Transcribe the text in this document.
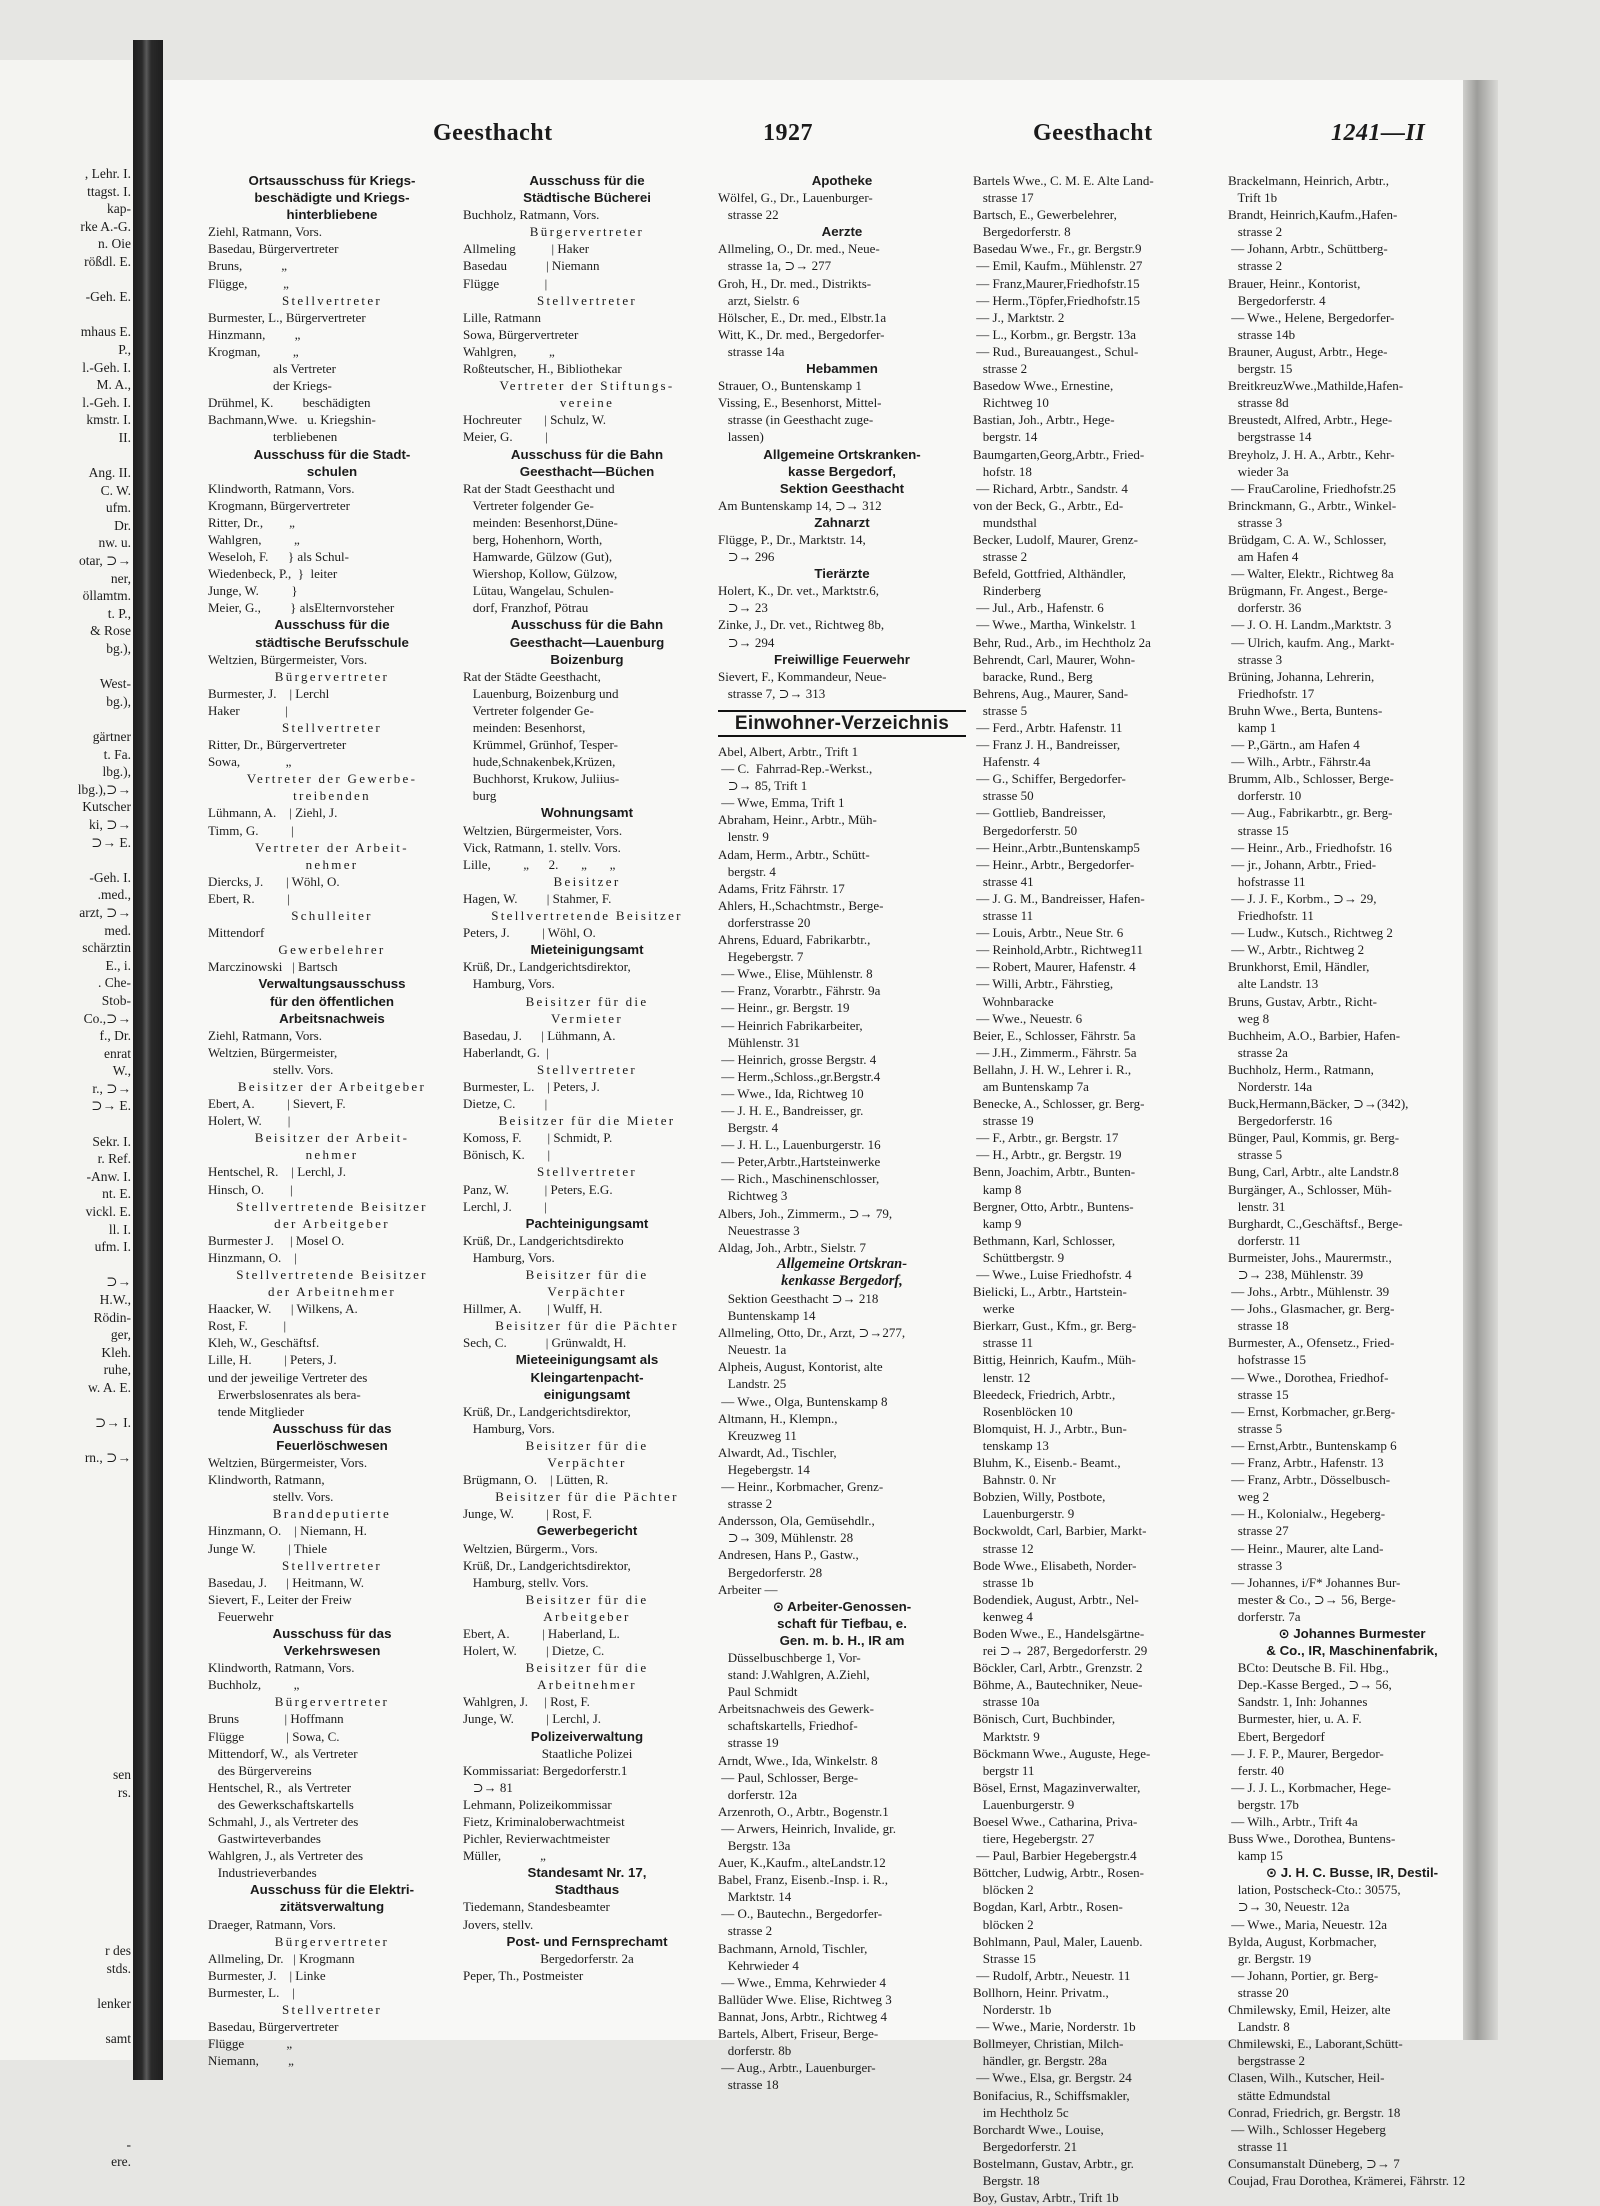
, Lehr. I.
ttagst. I.
kap-
rke A.-G.
n. Oie
rößdl. E.

-Geh. E.

mhaus E.
P.,
l.-Geh. I.
M. A.,
l.-Geh. I.
kmstr. I.
II.

Ang. II.
C. W.
ufm.
Dr.
nw. u.
otar, ⊃→
ner,
öllamtm.
t. P.,
& Rose
bg.),

West-
bg.),

gärtner
t. Fa.
lbg.),
lbg.),⊃→
Kutscher
ki, ⊃→
⊃→ E.

-Geh. I.
.med.,
arzt, ⊃→
med.
schärztin
E., i.
. Che-
Stob-
Co.,⊃→
f., Dr.
enrat
W.,
r., ⊃→
⊃→ E.

Sekr. I.
r. Ref.
-Anw. I.
nt. E.
vickl. E.
ll. I.
ufm. I.

⊃→
H.W.,
Rödin-
ger,
Kleh.
ruhe,
w. A. E.

⊃→ I.

rn., ⊃→

sen
rs.

r des
stds.

lenker

samt

-
ere.
Geesthacht	1927	Geesthacht	1241—II
Ortsausschuss für Kriegs-
beschädigte und Kriegs-
hinterbliebene
Ziehl, Ratmann, Vors.
Basedau, Bürgervertreter
Bruns,            „
Flügge,           „
Stellvertreter
Burmester, L., Bürgervertreter
Hinzmann,         „
Krogman,          „
als Vertreter
der Kriegs-
Drühmel, K.         beschädigten
Bachmann,Wwe.   u. Kriegshin-
terbliebenen
Ausschuss für die Stadt-
schulen
Klindworth, Ratmann, Vors.
Krogmann, Bürgervertreter
Ritter, Dr.,        „
Wahlgren,          „
Weseloh, F.      } als Schul-
Wiedenbeck, P.,  }  leiter
Junge, W.          }
Meier, G.,         } alsElternvorsteher
Ausschuss für die
städtische Berufsschule
Weltzien, Bürgermeister, Vors.
Bürgervertreter
Burmester, J.    | Lerchl
Haker              |
Stellvertreter
Ritter, Dr., Bürgervertreter
Sowa,              „
Vertreter der Gewerbe-
treibenden
Lühmann, A.    | Ziehl, J.
Timm, G.          |
Vertreter der Arbeit-
nehmer
Diercks, J.       | Wöhl, O.
Ebert, R.          |
Schulleiter
Mittendorf
Gewerbelehrer
Marczinowski   | Bartsch
Verwaltungsausschuss
für den öffentlichen
Arbeitsnachweis
Ziehl, Ratmann, Vors.
Weltzien, Bürgermeister,
stellv. Vors.
Beisitzer der Arbeitgeber
Ebert, A.          | Sievert, F.
Holert, W.        |
Beisitzer der Arbeit-
nehmer
Hentschel, R.    | Lerchl, J.
Hinsch, O.        |
Stellvertretende Beisitzer
der Arbeitgeber
Burmester J.     | Mosel O.
Hinzmann, O.    |
Stellvertretende Beisitzer
der Arbeitnehmer
Haacker, W.      | Wilkens, A.
Rost, F.           |
Kleh, W., Geschäftsf.
Lille, H.          | Peters, J.
und der jeweilige Vertreter des
Erwerbslosenrates als bera-
tende Mitglieder
Ausschuss für das
Feuerlöschwesen
Weltzien, Bürgermeister, Vors.
Klindworth, Ratmann,
stellv. Vors.
Branddeputierte
Hinzmann, O.    | Niemann, H.
Junge W.          | Thiele
Stellvertreter
Basedau, J.      | Heitmann, W.
Sievert, F., Leiter der Freiw
Feuerwehr
Ausschuss für das
Verkehrswesen
Klindworth, Ratmann, Vors.
Buchholz,          „
Bürgervertreter
Bruns              | Hoffmann
Flügge             | Sowa, C.
Mittendorf, W.,  als Vertreter
des Bürgervereins
Hentschel, R.,  als Vertreter
des Gewerkschaftskartells
Schmahl, J., als Vertreter des
Gastwirteverbandes
Wahlgren, J., als Vertreter des
Industrieverbandes
Ausschuss für die Elektri-
zitätsverwaltung
Draeger, Ratmann, Vors.
Bürgervertreter
Allmeling, Dr.   | Krogmann
Burmester, J.    | Linke
Burmester, L.    |
Stellvertreter
Basedau, Bürgervertreter
Flügge             „
Niemann,         „
Ausschuss für die
Städtische Bücherei
Buchholz, Ratmann, Vors.
Bürgervertreter
Allmeling           | Haker
Basedau            | Niemann
Flügge              |
Stellvertreter
Lille, Ratmann
Sowa, Bürgervertreter
Wahlgren,          „
Roßteutscher, H., Bibliothekar
Vertreter der Stiftungs-
vereine
Hochreuter       | Schulz, W.
Meier, G.          |
Ausschuss für die Bahn
Geesthacht—Büchen
Rat der Stadt Geesthacht und
Vertreter folgender Ge-
meinden: Besenhorst,Düne-
berg, Hohenhorn, Worth,
Hamwarde, Gülzow (Gut),
Wiershop, Kollow, Gülzow,
Lütau, Wangelau, Schulen-
dorf, Franzhof, Pötrau
Ausschuss für die Bahn
Geesthacht—Lauenburg
Boizenburg
Rat der Städte Geesthacht,
Lauenburg, Boizenburg und
Vertreter folgender Ge-
meinden: Besenhorst,
Krümmel, Grünhof, Tesper-
hude,Schnakenbek,Krüzen,
Buchhorst, Krukow, Juliius-
burg
Wohnungsamt
Weltzien, Bürgermeister, Vors.
Vick, Ratmann, 1. stellv. Vors.
Lille,          „      2.       „       „
Beisitzer
Hagen, W.         | Stahmer, F.
Stellvertretende Beisitzer
Peters, J.          | Wöhl, O.
Mieteinigungsamt
Krüß, Dr., Landgerichtsdirektor,
Hamburg, Vors.
Beisitzer für die
Vermieter
Basedau, J.      | Lühmann, A.
Haberlandt, G.  |
Stellvertreter
Burmester, L.    | Peters, J.
Dietze, C.         |
Beisitzer für die Mieter
Komoss, F.        | Schmidt, P.
Bönisch, K.       |
Stellvertreter
Panz, W.           | Peters, E.G.
Lerchl, J.          |
Pachteinigungsamt
Krüß, Dr., Landgerichtsdirekto
Hamburg, Vors.
Beisitzer für die
Verpächter
Hillmer, A.        | Wulff, H.
Beisitzer für die Pächter
Sech, C.            | Grünwaldt, H.
Mieteeinigungsamt als
Kleingartenpacht-
einigungsamt
Krüß, Dr., Landgerichtsdirektor,
Hamburg, Vors.
Beisitzer für die
Verpächter
Brügmann, O.    | Lütten, R.
Beisitzer für die Pächter
Junge, W.          | Rost, F.
Gewerbegericht
Weltzien, Bürgerm., Vors.
Krüß, Dr., Landgerichtsdirektor,
Hamburg, stellv. Vors.
Beisitzer für die
Arbeitgeber
Ebert, A.          | Haberland, L.
Holert, W.         | Dietze, C.
Beisitzer für die
Arbeitnehmer
Wahlgren, J.     | Rost, F.
Junge, W.          | Lerchl, J.
Polizeiverwaltung
Staatliche Polizei
Kommissariat: Bergedorferstr.1
⊃→ 81
Lehmann, Polizeikommissar
Fietz, Kriminaloberwachtmeist
Pichler, Revierwachtmeister
Müller,            „
Standesamt Nr. 17,
Stadthaus
Tiedemann, Standesbeamter
Jovers, stellv.
Post- und Fernsprechamt
Bergedorferstr. 2a
Peper, Th., Postmeister
Apotheke
Wölfel, G., Dr., Lauenburger-
strasse 22
Aerzte
Allmeling, O., Dr. med., Neue-
strasse 1a, ⊃→ 277
Groh, H., Dr. med., Distrikts-
arzt, Sielstr. 6
Hölscher, E., Dr. med., Elbstr.1a
Witt, K., Dr. med., Bergedorfer-
strasse 14a
Hebammen
Strauer, O., Buntenskamp 1
Vissing, E., Besenhorst, Mittel-
strasse (in Geesthacht zuge-
lassen)
Allgemeine Ortskranken-
kasse Bergedorf,
Sektion Geesthacht
Am Buntenskamp 14, ⊃→ 312
Zahnarzt
Flügge, P., Dr., Marktstr. 14,
⊃→ 296
Tierärzte
Holert, K., Dr. vet., Marktstr.6,
⊃→ 23
Zinke, J., Dr. vet., Richtweg 8b,
⊃→ 294
Freiwillige Feuerwehr
Sievert, F., Kommandeur, Neue-
strasse 7, ⊃→ 313
Einwohner-Verzeichnis
Abel, Albert, Arbtr., Trift 1
— C.  Fahrrad-Rep.-Werkst.,
⊃→ 85, Trift 1
— Wwe, Emma, Trift 1
Abraham, Heinr., Arbtr., Müh-
lenstr. 9
Adam, Herm., Arbtr., Schütt-
bergstr. 4
Adams, Fritz Fährstr. 17
Ahlers, H.,Schachtmstr., Berge-
dorferstrasse 20
Ahrens, Eduard, Fabrikarbtr.,
Hegebergstr. 7
— Wwe., Elise, Mühlenstr. 8
— Franz, Vorarbtr., Fährstr. 9a
— Heinr., gr. Bergstr. 19
— Heinrich Fabrikarbeiter,
Mühlenstr. 31
— Heinrich, grosse Bergstr. 4
— Herm.,Schloss.,gr.Bergstr.4
— Wwe., Ida, Richtweg 10
— J. H. E., Bandreisser, gr.
Bergstr. 4
— J. H. L., Lauenburgerstr. 16
— Peter,Arbtr.,Hartsteinwerke
— Rich., Maschinenschlosser,
Richtweg 3
Albers, Joh., Zimmerm., ⊃→ 79,
Neuestrasse 3
Aldag, Joh., Arbtr., Sielstr. 7
Allgemeine Ortskran-
kenkasse Bergedorf,
Sektion Geesthacht ⊃→ 218
Buntenskamp 14
Allmeling, Otto, Dr., Arzt, ⊃→277,
Neuestr. 1a
Alpheis, August, Kontorist, alte
Landstr. 25
— Wwe., Olga, Buntenskamp 8
Altmann, H., Klempn.,
Kreuzweg 11
Alwardt, Ad., Tischler,
Hegebergstr. 14
— Heinr., Korbmacher, Grenz-
strasse 2
Andersson, Ola, Gemüsehdlr.,
⊃→ 309, Mühlenstr. 28
Andresen, Hans P., Gastw.,
Bergedorferstr. 28
Arbeiter —
⊙ Arbeiter-Genossen-
schaft für Tiefbau, e.
Gen. m. b. H., IR am
Düsselbuschberge 1, Vor-
stand: J.Wahlgren, A.Ziehl,
Paul Schmidt
Arbeitsnachweis des Gewerk-
schaftskartells, Friedhof-
strasse 19
Arndt, Wwe., Ida, Winkelstr. 8
— Paul, Schlosser, Berge-
dorferstr. 12a
Arzenroth, O., Arbtr., Bogenstr.1
— Arwers, Heinrich, Invalide, gr.
Bergstr. 13a
Auer, K.,Kaufm., alteLandstr.12
Babel, Franz, Eisenb.-Insp. i. R.,
Marktstr. 14
— O., Bautechn., Bergedorfer-
strasse 2
Bachmann, Arnold, Tischler,
Kehrwieder 4
— Wwe., Emma, Kehrwieder 4
Ballüder Wwe. Elise, Richtweg 3
Bannat, Jons, Arbtr., Richtweg 4
Bartels, Albert, Friseur, Berge-
dorferstr. 8b
— Aug., Arbtr., Lauenburger-
strasse 18
Bartels Wwe., C. M. E. Alte Land-
strasse 17
Bartsch, E., Gewerbelehrer,
Bergedorferstr. 8
Basedau Wwe., Fr., gr. Bergstr.9
— Emil, Kaufm., Mühlenstr. 27
— Franz,Maurer,Friedhofstr.15
— Herm.,Töpfer,Friedhofstr.15
— J., Marktstr. 2
— L., Korbm., gr. Bergstr. 13a
— Rud., Bureauangest., Schul-
strasse 2
Basedow Wwe., Ernestine,
Richtweg 10
Bastian, Joh., Arbtr., Hege-
bergstr. 14
Baumgarten,Georg,Arbtr., Fried-
hofstr. 18
— Richard, Arbtr., Sandstr. 4
von der Beck, G., Arbtr., Ed-
mundsthal
Becker, Ludolf, Maurer, Grenz-
strasse 2
Befeld, Gottfried, Althändler,
Rinderberg
— Jul., Arb., Hafenstr. 6
— Wwe., Martha, Winkelstr. 1
Behr, Rud., Arb., im Hechtholz 2a
Behrendt, Carl, Maurer, Wohn-
baracke, Rund., Berg
Behrens, Aug., Maurer, Sand-
strasse 5
— Ferd., Arbtr. Hafenstr. 11
— Franz J. H., Bandreisser,
Hafenstr. 4
— G., Schiffer, Bergedorfer-
strasse 50
— Gottlieb, Bandreisser,
Bergedorferstr. 50
— Heinr.,Arbtr.,Buntenskamp5
— Heinr., Arbtr., Bergedorfer-
strasse 41
— J. G. M., Bandreisser, Hafen-
strasse 11
— Louis, Arbtr., Neue Str. 6
— Reinhold,Arbtr., Richtweg11
— Robert, Maurer, Hafenstr. 4
— Willi, Arbtr., Fährstieg,
Wohnbaracke
— Wwe., Neuestr. 6
Beier, E., Schlosser, Fährstr. 5a
— J.H., Zimmerm., Fährstr. 5a
Bellahn, J. H. W., Lehrer i. R.,
am Buntenskamp 7a
Benecke, A., Schlosser, gr. Berg-
strasse 19
— F., Arbtr., gr. Bergstr. 17
— H., Arbtr., gr. Bergstr. 19
Benn, Joachim, Arbtr., Bunten-
kamp 8
Bergner, Otto, Arbtr., Buntens-
kamp 9
Bethmann, Karl, Schlosser,
Schüttbergstr. 9
— Wwe., Luise Friedhofstr. 4
Bielicki, L., Arbtr., Hartstein-
werke
Bierkarr, Gust., Kfm., gr. Berg-
strasse 11
Bittig, Heinrich, Kaufm., Müh-
lenstr. 12
Bleedeck, Friedrich, Arbtr.,
Rosenblöcken 10
Blomquist, H. J., Arbtr., Bun-
tenskamp 13
Bluhm, K., Eisenb.- Beamt.,
Bahnstr. 0. Nr
Bobzien, Willy, Postbote,
Lauenburgerstr. 9
Bockwoldt, Carl, Barbier, Markt-
strasse 12
Bode Wwe., Elisabeth, Norder-
strasse 1b
Bodendiek, August, Arbtr., Nel-
kenweg 4
Boden Wwe., E., Handelsgärtne-
rei ⊃→ 287, Bergedorferstr. 29
Böckler, Carl, Arbtr., Grenzstr. 2
Böhme, A., Bautechniker, Neue-
strasse 10a
Bönisch, Curt, Buchbinder,
Marktstr. 9
Böckmann Wwe., Auguste, Hege-
bergstr 11
Bösel, Ernst, Magazinverwalter,
Lauenburgerstr. 9
Boesel Wwe., Catharina, Priva-
tiere, Hegebergstr. 27
— Paul, Barbier Hegebergstr.4
Böttcher, Ludwig, Arbtr., Rosen-
blöcken 2
Bogdan, Karl, Arbtr., Rosen-
blöcken 2
Bohlmann, Paul, Maler, Lauenb.
Strasse 15
— Rudolf, Arbtr., Neuestr. 11
Bollhorn, Heinr. Privatm.,
Norderstr. 1b
— Wwe., Marie, Norderstr. 1b
Bollmeyer, Christian, Milch-
händler, gr. Bergstr. 28a
— Wwe., Elsa, gr. Bergstr. 24
Bonifacius, R., Schiffsmakler,
im Hechtholz 5c
Borchardt Wwe., Louise,
Bergedorferstr. 21
Bostelmann, Gustav, Arbtr., gr.
Bergstr. 18
Boy, Gustav, Arbtr., Trift 1b
Brackelmann, Heinrich, Arbtr.,
Trift 1b
Brandt, Heinrich,Kaufm.,Hafen-
strasse 2
— Johann, Arbtr., Schüttberg-
strasse 2
Brauer, Heinr., Kontorist,
Bergedorferstr. 4
— Wwe., Helene, Bergedorfer-
strasse 14b
Brauner, August, Arbtr., Hege-
bergstr. 15
BreitkreuzWwe.,Mathilde,Hafen-
strasse 8d
Breustedt, Alfred, Arbtr., Hege-
bergstrasse 14
Breyholz, J. H. A., Arbtr., Kehr-
wieder 3a
— FrauCaroline, Friedhofstr.25
Brinckmann, G., Arbtr., Winkel-
strasse 3
Brüdgam, C. A. W., Schlosser,
am Hafen 4
— Walter, Elektr., Richtweg 8a
Brügmann, Fr. Angest., Berge-
dorferstr. 36
— J. O. H. Landm.,Marktstr. 3
— Ulrich, kaufm. Ang., Markt-
strasse 3
Brüning, Johanna, Lehrerin,
Friedhofstr. 17
Bruhn Wwe., Berta, Buntens-
kamp 1
— P.,Gärtn., am Hafen 4
— Wilh., Arbtr., Fährstr.4a
Brumm, Alb., Schlosser, Berge-
dorferstr. 10
— Aug., Fabrikarbtr., gr. Berg-
strasse 15
— Heinr., Arb., Friedhofstr. 16
— jr., Johann, Arbtr., Fried-
hofstrasse 11
— J. J. F., Korbm., ⊃→ 29,
Friedhofstr. 11
— Ludw., Kutsch., Richtweg 2
— W., Arbtr., Richtweg 2
Brunkhorst, Emil, Händler,
alte Landstr. 13
Bruns, Gustav, Arbtr., Richt-
weg 8
Buchheim, A.O., Barbier, Hafen-
strasse 2a
Buchholz, Herm., Ratmann,
Norderstr. 14a
Buck,Hermann,Bäcker, ⊃→(342),
Bergedorferstr. 16
Bünger, Paul, Kommis, gr. Berg-
strasse 5
Bung, Carl, Arbtr., alte Landstr.8
Burgänger, A., Schlosser, Müh-
lenstr. 31
Burghardt, C.,Geschäftsf., Berge-
dorferstr. 11
Burmeister, Johs., Maurermstr.,
⊃→ 238, Mühlenstr. 39
— Johs., Arbtr., Mühlenstr. 39
— Johs., Glasmacher, gr. Berg-
strasse 18
Burmester, A., Ofensetz., Fried-
hofstrasse 15
— Wwe., Dorothea, Friedhof-
strasse 15
— Ernst, Korbmacher, gr.Berg-
strasse 5
— Ernst,Arbtr., Buntenskamp 6
— Franz, Arbtr., Hafenstr. 13
— Franz, Arbtr., Dösselbusch-
weg 2
— H., Kolonialw., Hegeberg-
strasse 27
— Heinr., Maurer, alte Land-
strasse 3
— Johannes, i/F* Johannes Bur-
mester & Co., ⊃→ 56, Berge-
dorferstr. 7a
⊙ Johannes Burmester
& Co., IR, Maschinenfabrik,
BCto: Deutsche B. Fil. Hbg.,
Dep.-Kasse Berged., ⊃→ 56,
Sandstr. 1, Inh: Johannes
Burmester, hier, u. A. F.
Ebert, Bergedorf
— J. F. P., Maurer, Bergedor-
ferstr. 40
— J. J. L., Korbmacher, Hege-
bergstr. 17b
— Wilh., Arbtr., Trift 4a
Buss Wwe., Dorothea, Buntens-
kamp 15
⊙ J. H. C. Busse, IR, Destil-
lation, Postscheck-Cto.: 30575,
⊃→ 30, Neuestr. 12a
— Wwe., Maria, Neuestr. 12a
Bylda, August, Korbmacher,
gr. Bergstr. 19
— Johann, Portier, gr. Berg-
strasse 20
Chmilewsky, Emil, Heizer, alte
Landstr. 8
Chmilewski, E., Laborant,Schütt-
bergstrasse 2
Clasen, Wilh., Kutscher, Heil-
stätte Edmundstal
Conrad, Friedrich, gr. Bergstr. 18
— Wilh., Schlosser Hegeberg
strasse 11
Consumanstalt Düneberg, ⊃→ 7
Coujad, Frau Dorothea, Krämerei, Fährstr. 12
